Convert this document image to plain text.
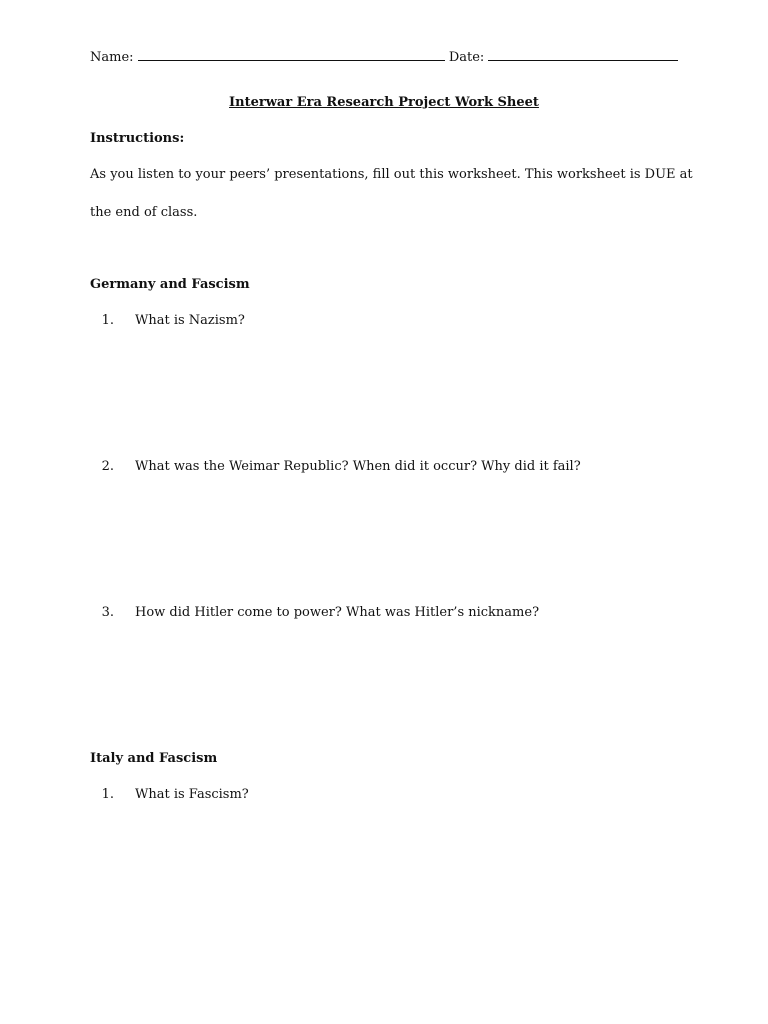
Name:	Date:
Interwar Era Research Project Work Sheet
Instructions:
As you listen to your peers’ presentations, fill out this worksheet. This worksheet is DUE at
the end of class.
Germany and Fascism
1. What is Nazism?
2. What was the Weimar Republic? When did it occur? Why did it fail?
3. How did Hitler come to power? What was Hitler’s nickname?
Italy and Fascism
1. What is Fascism?
